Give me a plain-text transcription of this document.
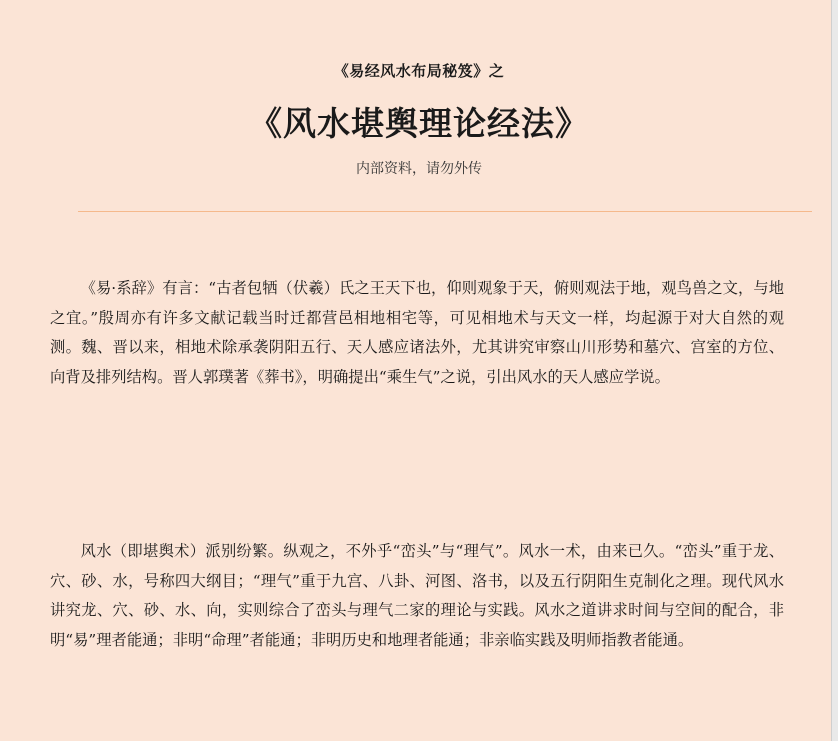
《易经风水布局秘笈》之
《风水堪舆理论经法》
内部资料，请勿外传

《易·系辞》有言：“古者包牺（伏羲）氏之王天下也，仰则观象于天，俯则观法于地，观鸟兽之文，与地之宜。”殷周亦有许多文献记载当时迁都营邑相地相宅等，可见相地术与天文一样，均起源于对大自然的观测。魏、晋以来，相地术除承袭阴阳五行、天人感应诸法外，尤其讲究审察山川形势和墓穴、宫室的方位、向背及排列结构。晋人郭璞著《葬书》，明确提出“乘生气”之说，引出风水的天人感应学说。

风水（即堪舆术）派别纷繁。纵观之，不外乎“峦头”与“理气”。风水一术，由来已久。“峦头”重于龙、穴、砂、水，号称四大纲目；“理气”重于九宫、八卦、河图、洛书，以及五行阴阳生克制化之理。现代风水讲究龙、穴、砂、水、向，实则综合了峦头与理气二家的理论与实践。风水之道讲求时间与空间的配合，非明“易”理者能通；非明“命理”者能通；非明历史和地理者能通；非亲临实践及明师指教者能通。
